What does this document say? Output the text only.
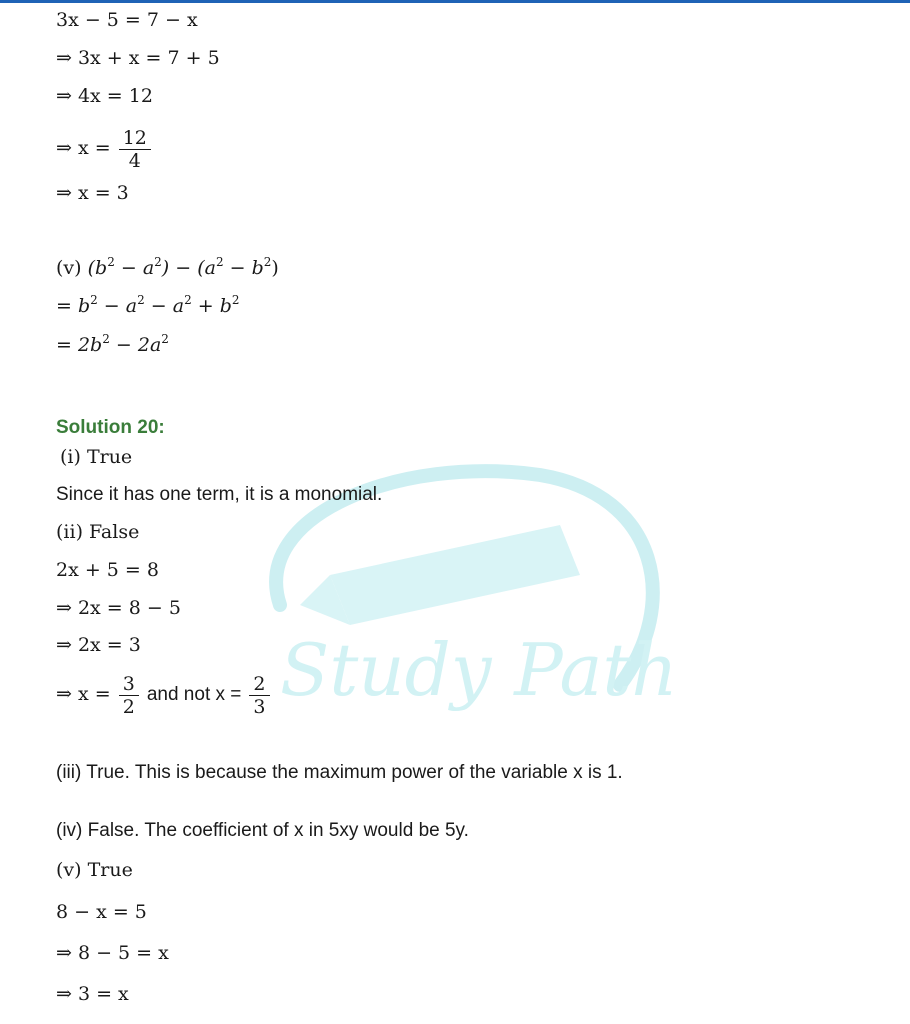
Study Path
3x − 5 = 7 − x
⇒ 3x + x = 7 + 5
⇒ 4x = 12
⇒ $x = \frac{12}{4}$
⇒ x = 3
(v) $(b^2 - a^2) - (a^2 - b^2)$
= $b^2 - a^2 - a^2 + b^2$
= $2b^2 - 2a^2$
Solution 20:
(i) True
Since it has one term, it is a monomial.
(ii) False
2x + 5 = 8
⇒ 2x = 8 − 5
⇒ 2x = 3
⇒ $x = \frac{3}{2}$ and not $x = \frac{2}{3}$
(iii) True. This is because the maximum power of the variable x is 1.
(iv) False. The coefficient of x in 5xy would be 5y.
(v) True
8 − x = 5
⇒ 8 − 5 = x
⇒ 3 = x
